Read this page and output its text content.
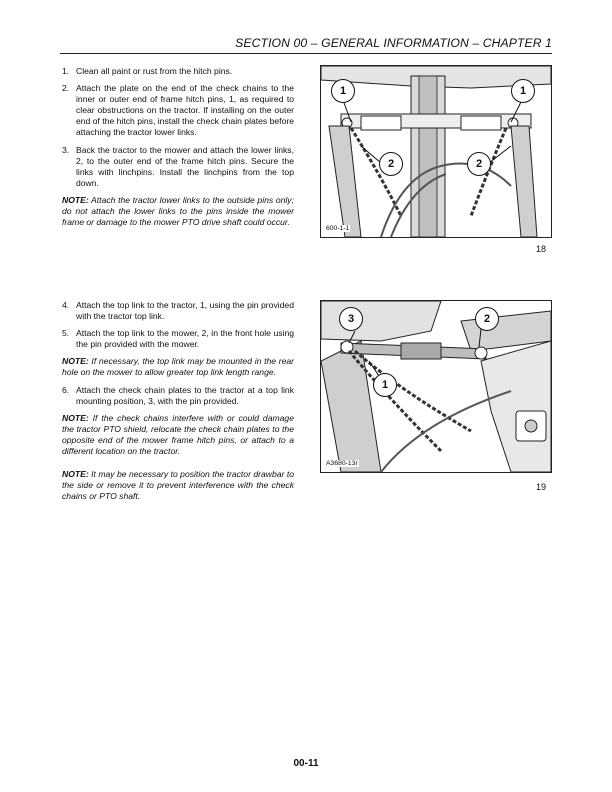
SECTION 00 – GENERAL INFORMATION – CHAPTER 1
1. Clean all paint or rust from the hitch pins.
2. Attach the plate on the end of the check chains to the inner or outer end of frame hitch pins, 1, as required to clear obstructions on the tractor. If installing on the outer end of the hitch pins, install the check chain plates before attaching the tractor lower links.
3. Back the tractor to the mower and attach the lower links, 2, to the outer end of the frame hitch pins. Secure the links with linchpins. Install the linchpins from the top down.
NOTE: Attach the tractor lower links to the outside pins only; do not attach the lower links to the pins inside the mower frame or damage to the mower PTO drive shaft could occur.
1	1
2	2
600-1-1
18
4. Attach the top link to the tractor, 1, using the pin provided with the tractor top link.
5. Attach the top link to the mower, 2, in the front hole using the pin provided with the mower.
NOTE: If necessary, the top link may be mounted in the rear hole on the mower to allow greater top link length range.
6. Attach the check chain plates to the tractor at a top link mounting position, 3, with the pin provided.
NOTE: If the check chains interfere with or could damage the tractor PTO shield, relocate the check chain plates to the opposite end of the mower frame hitch pins, or attach to a different location on the tractor.
NOTE: It may be necessary to position the tractor drawbar to the side or remove it to prevent interference with the check chains or PTO shaft.
3	2
1
A3680-13r
19
00-11
